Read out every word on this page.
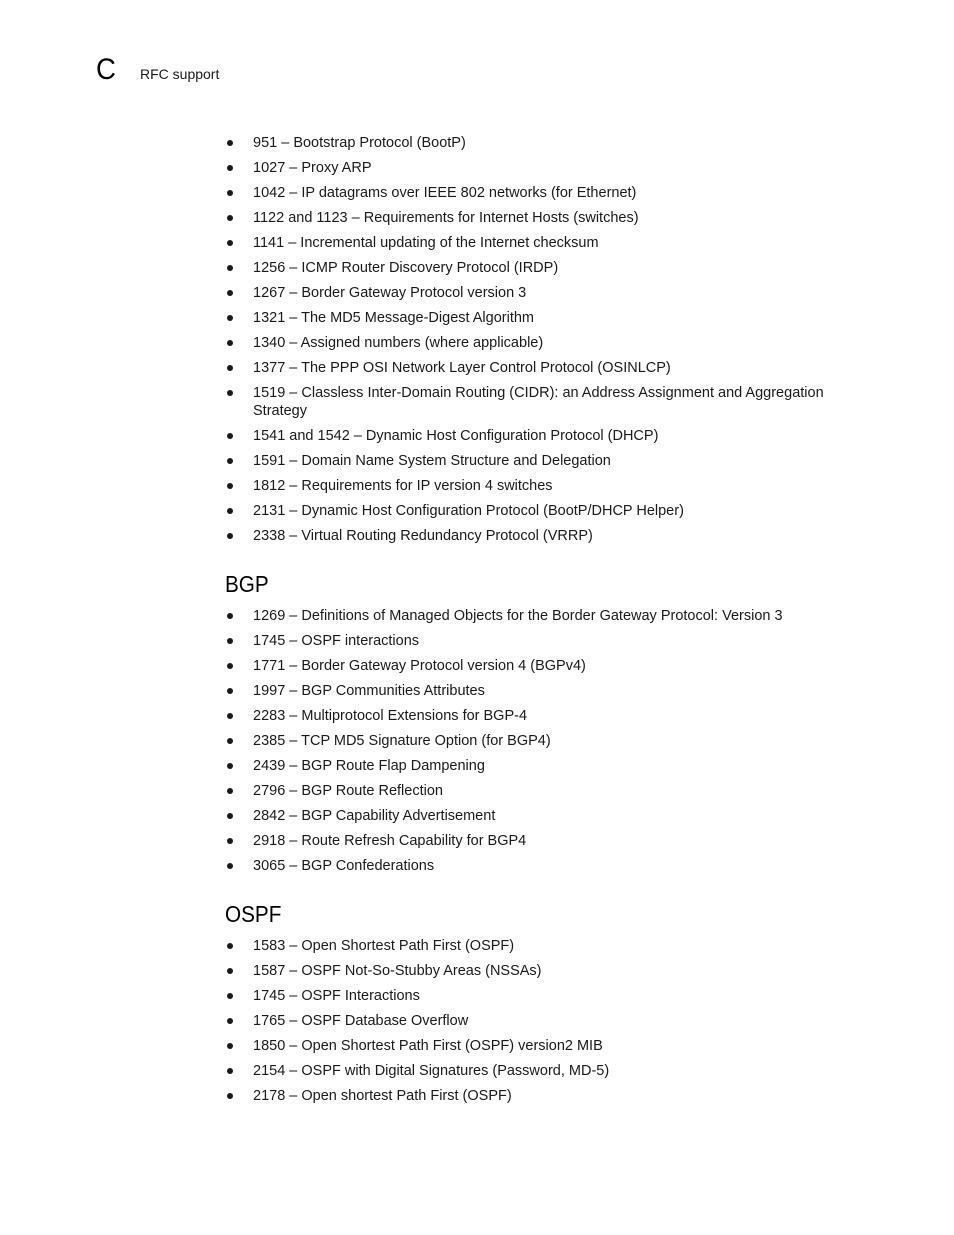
C RFC support
951 – Bootstrap Protocol (BootP)
1027 – Proxy ARP
1042 – IP datagrams over IEEE 802 networks (for Ethernet)
1122 and 1123 – Requirements for Internet Hosts (switches)
1141 – Incremental updating of the Internet checksum
1256 – ICMP Router Discovery Protocol (IRDP)
1267 – Border Gateway Protocol version 3
1321 – The MD5 Message-Digest Algorithm
1340 – Assigned numbers (where applicable)
1377 – The PPP OSI Network Layer Control Protocol (OSINLCP)
1519 – Classless Inter-Domain Routing (CIDR): an Address Assignment and Aggregation Strategy
1541 and 1542 – Dynamic Host Configuration Protocol (DHCP)
1591 – Domain Name System Structure and Delegation
1812 – Requirements for IP version 4 switches
2131 – Dynamic Host Configuration Protocol (BootP/DHCP Helper)
2338 – Virtual Routing Redundancy Protocol (VRRP)
BGP
1269 – Definitions of Managed Objects for the Border Gateway Protocol: Version 3
1745 – OSPF interactions
1771 – Border Gateway Protocol version 4 (BGPv4)
1997 – BGP Communities Attributes
2283 – Multiprotocol Extensions for BGP-4
2385 – TCP MD5 Signature Option (for BGP4)
2439 – BGP Route Flap Dampening
2796 – BGP Route Reflection
2842 – BGP Capability Advertisement
2918 – Route Refresh Capability for BGP4
3065 – BGP Confederations
OSPF
1583 – Open Shortest Path First (OSPF)
1587 – OSPF Not-So-Stubby Areas (NSSAs)
1745 – OSPF Interactions
1765 – OSPF Database Overflow
1850 – Open Shortest Path First (OSPF) version2 MIB
2154 – OSPF with Digital Signatures (Password, MD-5)
2178 – Open shortest Path First (OSPF)
